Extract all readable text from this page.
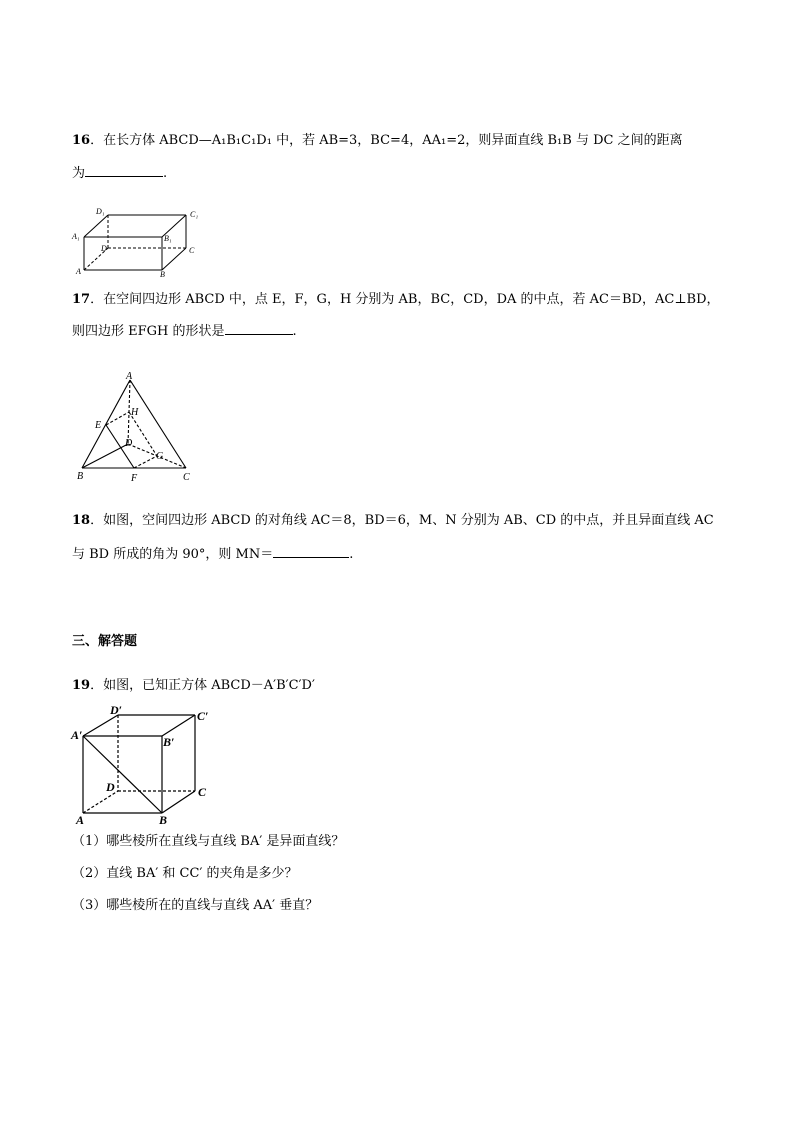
16．在长方体 ABCD—A₁B₁C₁D₁ 中，若 AB=3，BC=4，AA₁=2，则异面直线 B₁B 与 DC 之间的距离
为	.
D₁	C₁
A₁	B₁
D	C
A	B
17．在空间四边形 ABCD 中，点 E，F，G，H 分别为 AB，BC，CD，DA 的中点，若 AC＝BD，AC⊥BD，
则四边形 EFGH 的形状是	.
A
H
E
D
G
B	F	C
18．如图，空间四边形 ABCD 的对角线 AC＝8，BD＝6，M、N 分别为 AB、CD 的中点，并且异面直线 AC
与 BD 所成的角为 90°，则 MN＝	.
三、解答题
19．如图，已知正方体 ABCD－A′B′C′D′
D′	C′
A′	B′
D	C
A	B
（1）哪些棱所在直线与直线 BA′ 是异面直线？
（2）直线 BA′ 和 CC′ 的夹角是多少？
（3）哪些棱所在的直线与直线 AA′ 垂直？
